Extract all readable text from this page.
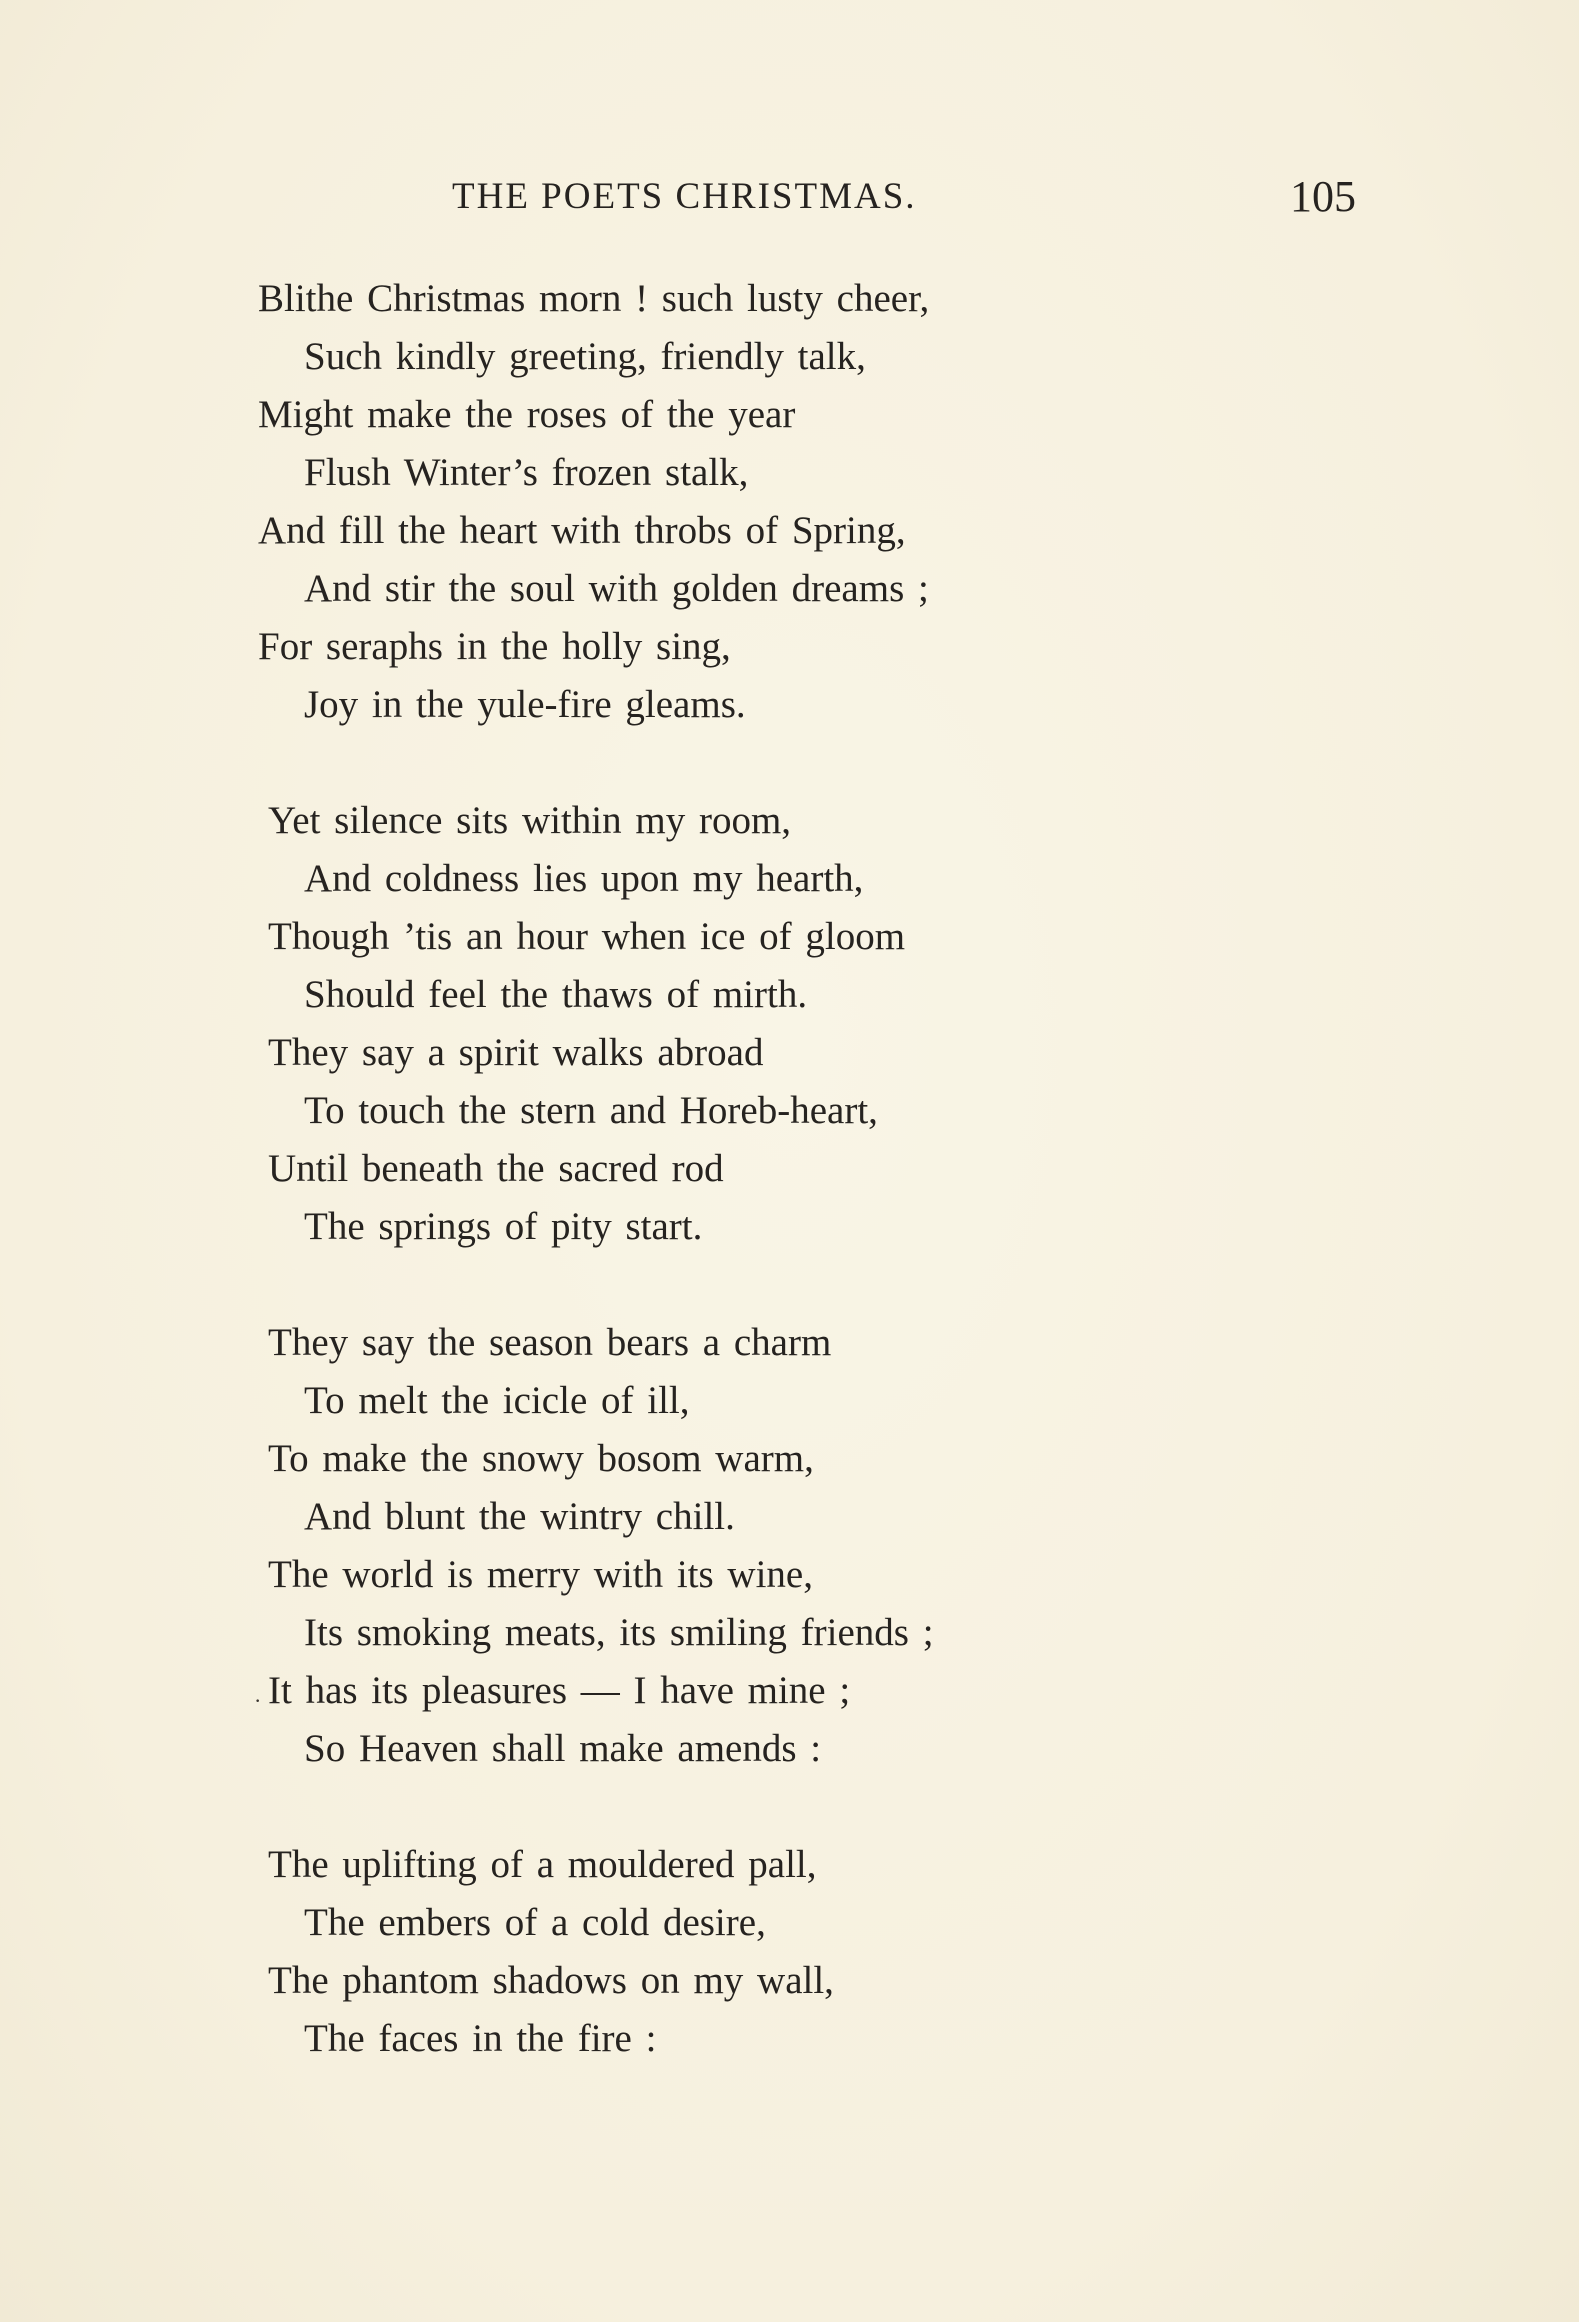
THE POETS CHRISTMAS.	105
Blithe Christmas morn ! such lusty cheer,
Such kindly greeting, friendly talk,
Might make the roses of the year
Flush Winter’s frozen stalk,
And fill the heart with throbs of Spring,
And stir the soul with golden dreams ;
For seraphs in the holly sing,
Joy in the yule-fire gleams.
Yet silence sits within my room,
And coldness lies upon my hearth,
Though ’tis an hour when ice of gloom
Should feel the thaws of mirth.
They say a spirit walks abroad
To touch the stern and Horeb-heart,
Until beneath the sacred rod
The springs of pity start.
They say the season bears a charm
To melt the icicle of ill,
To make the snowy bosom warm,
And blunt the wintry chill.
The world is merry with its wine,
Its smoking meats, its smiling friends ;
It has its pleasures — I have mine ;
So Heaven shall make amends :
The uplifting of a mouldered pall,
The embers of a cold desire,
The phantom shadows on my wall,
The faces in the fire :
·
